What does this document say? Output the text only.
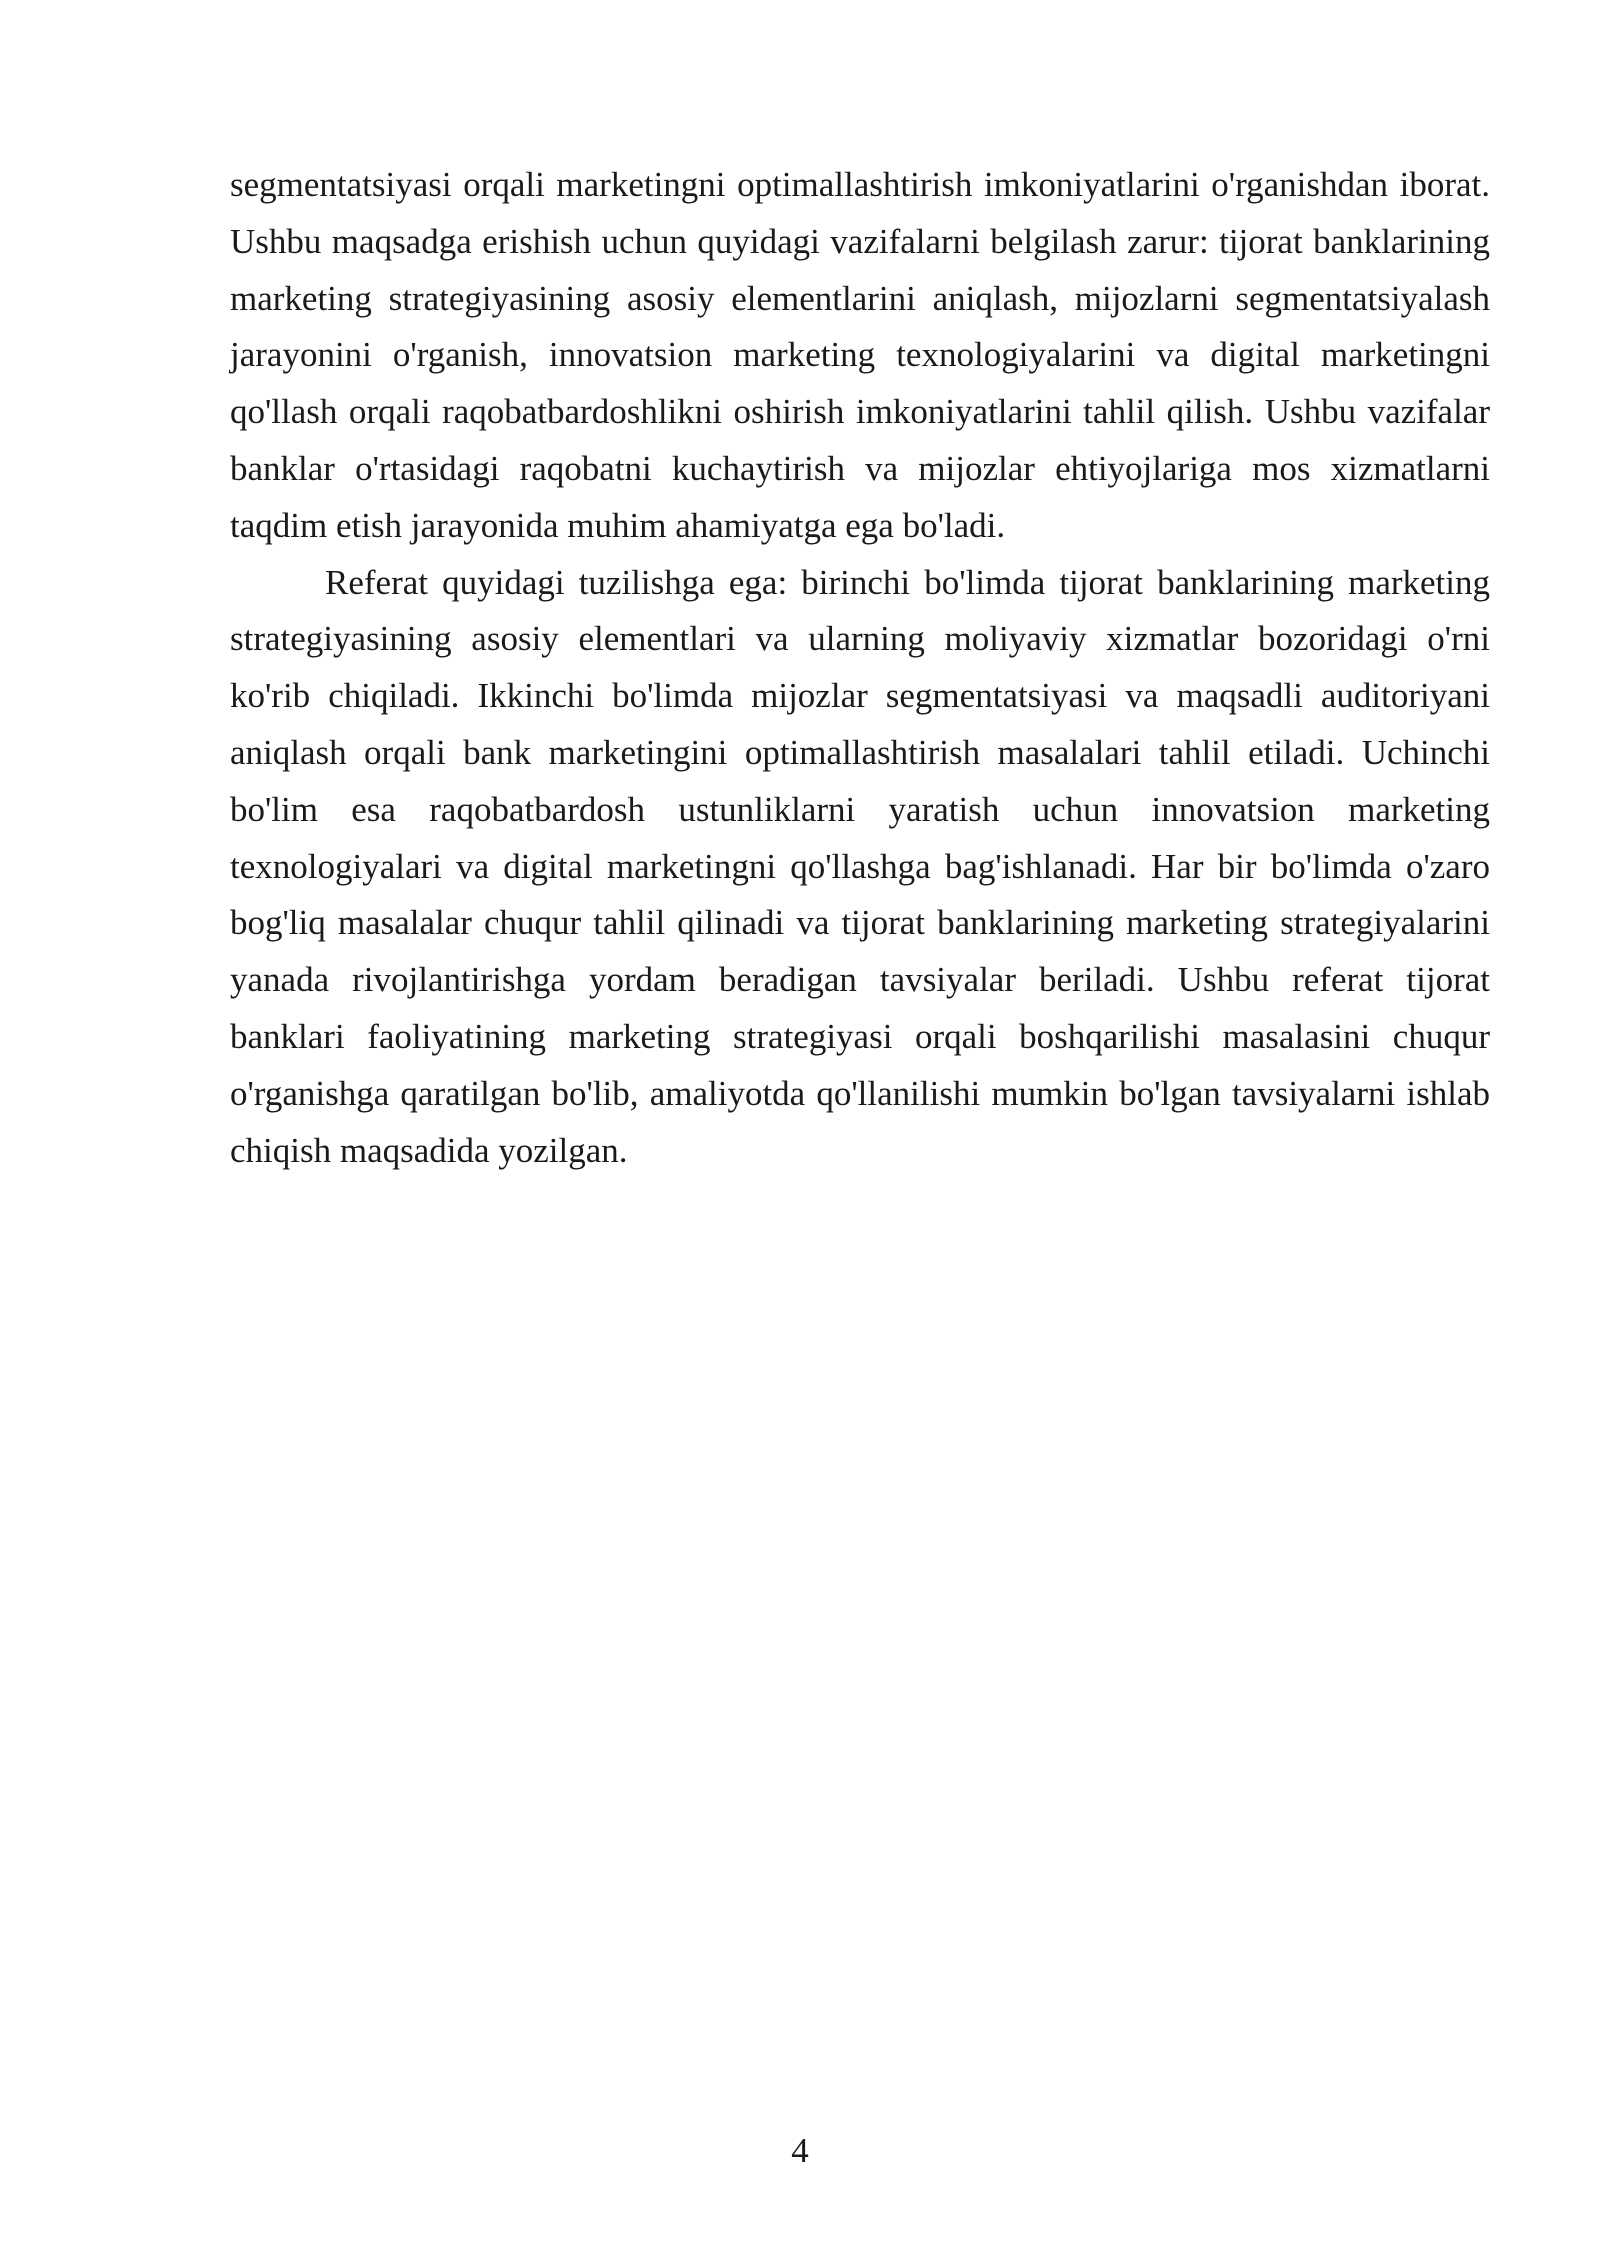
segmentatsiyasi orqali marketingni optimallashtirish imkoniyatlarini o'rganishdan iborat. Ushbu maqsadga erishish uchun quyidagi vazifalarni belgilash zarur: tijorat banklarining marketing strategiyasining asosiy elementlarini aniqlash, mijozlarni segmentatsiyalash jarayonini o'rganish, innovatsion marketing texnologiyalarini va digital marketingni qo'llash orqali raqobatbardoshlikni oshirish imkoniyatlarini tahlil qilish. Ushbu vazifalar banklar o'rtasidagi raqobatni kuchaytirish va mijozlar ehtiyojlariga mos xizmatlarni taqdim etish jarayonida muhim ahamiyatga ega bo'ladi.

Referat quyidagi tuzilishga ega: birinchi bo'limda tijorat banklarining marketing strategiyasining asosiy elementlari va ularning moliyaviy xizmatlar bozoridagi o'rni ko'rib chiqiladi. Ikkinchi bo'limda mijozlar segmentatsiyasi va maqsadli auditoriyani aniqlash orqali bank marketingini optimallashtirish masalalari tahlil etiladi. Uchinchi bo'lim esa raqobatbardosh ustunliklarni yaratish uchun innovatsion marketing texnologiyalari va digital marketingni qo'llashga bag'ishlanadi. Har bir bo'limda o'zaro bog'liq masalalar chuqur tahlil qilinadi va tijorat banklarining marketing strategiyalarini yanada rivojlantirishga yordam beradigan tavsiyalar beriladi. Ushbu referat tijorat banklari faoliyatining marketing strategiyasi orqali boshqarilishi masalasini chuqur o'rganishga qaratilgan bo'lib, amaliyotda qo'llanilishi mumkin bo'lgan tavsiyalarni ishlab chiqish maqsadida yozilgan.

4
